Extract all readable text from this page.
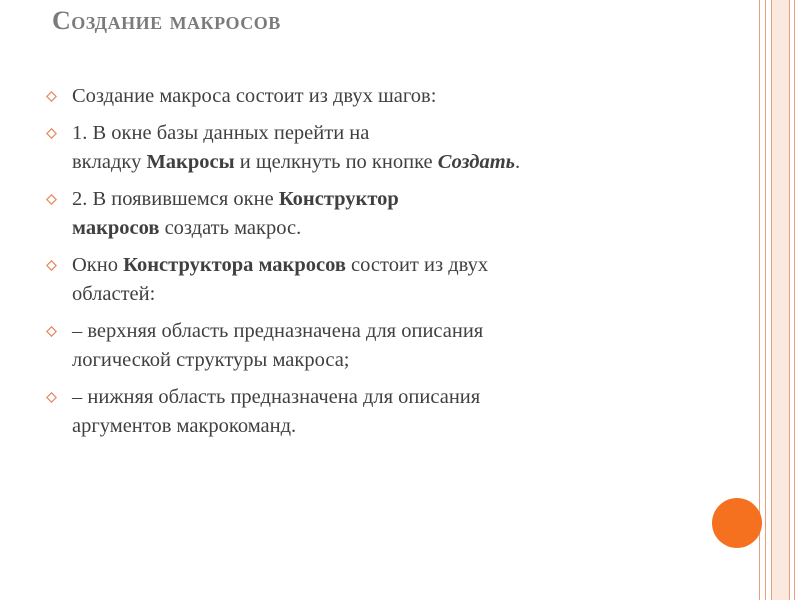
Создание макросов
Создание макроса состоит из двух шагов:
1. В окне базы данных перейти на
вкладку Макросы и щелкнуть по кнопке Создать.
2. В появившемся окне Конструктор
макросов создать макрос.
Окно Конструктора макросов состоит из двух
областей:
– верхняя область предназначена для описания
логической структуры макроса;
– нижняя область предназначена для описания
аргументов макрокоманд.
